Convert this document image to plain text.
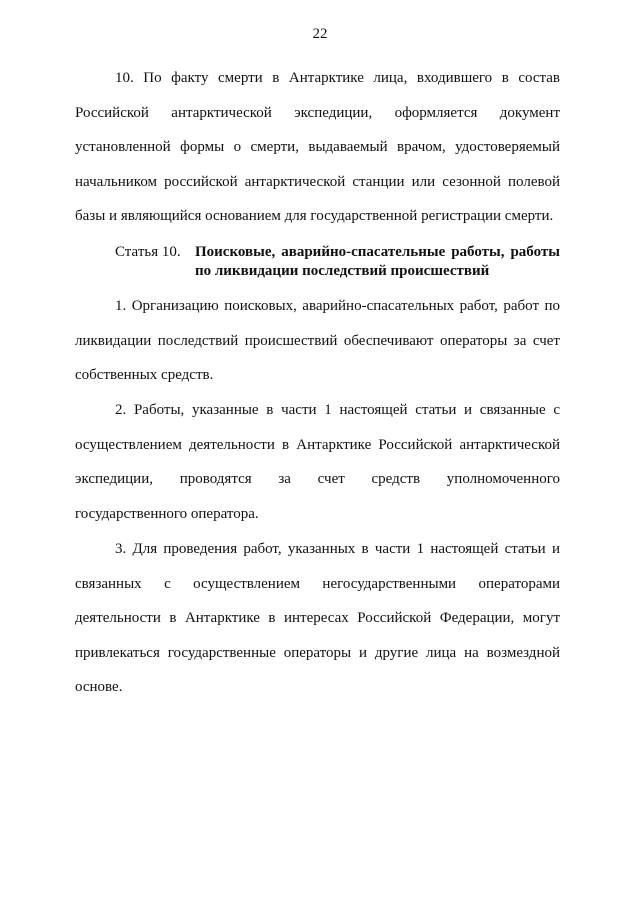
22

10. По факту смерти в Антарктике лица, входившего в состав Российской антарктической экспедиции, оформляется документ установленной формы о смерти, выдаваемый врачом, удостоверяемый начальником российской антарктической станции или сезонной полевой базы и являющийся основанием для государственной регистрации смерти.

Статья 10. Поисковые, аварийно-спасательные работы, работы по ликвидации последствий происшествий

1. Организацию поисковых, аварийно-спасательных работ, работ по ликвидации последствий происшествий обеспечивают операторы за счет собственных средств.

2. Работы, указанные в части 1 настоящей статьи и связанные с осуществлением деятельности в Антарктике Российской антарктической экспедиции, проводятся за счет средств уполномоченного государственного оператора.

3. Для проведения работ, указанных в части 1 настоящей статьи и связанных с осуществлением негосударственными операторами деятельности в Антарктике в интересах Российской Федерации, могут привлекаться государственные операторы и другие лица на возмездной основе.
